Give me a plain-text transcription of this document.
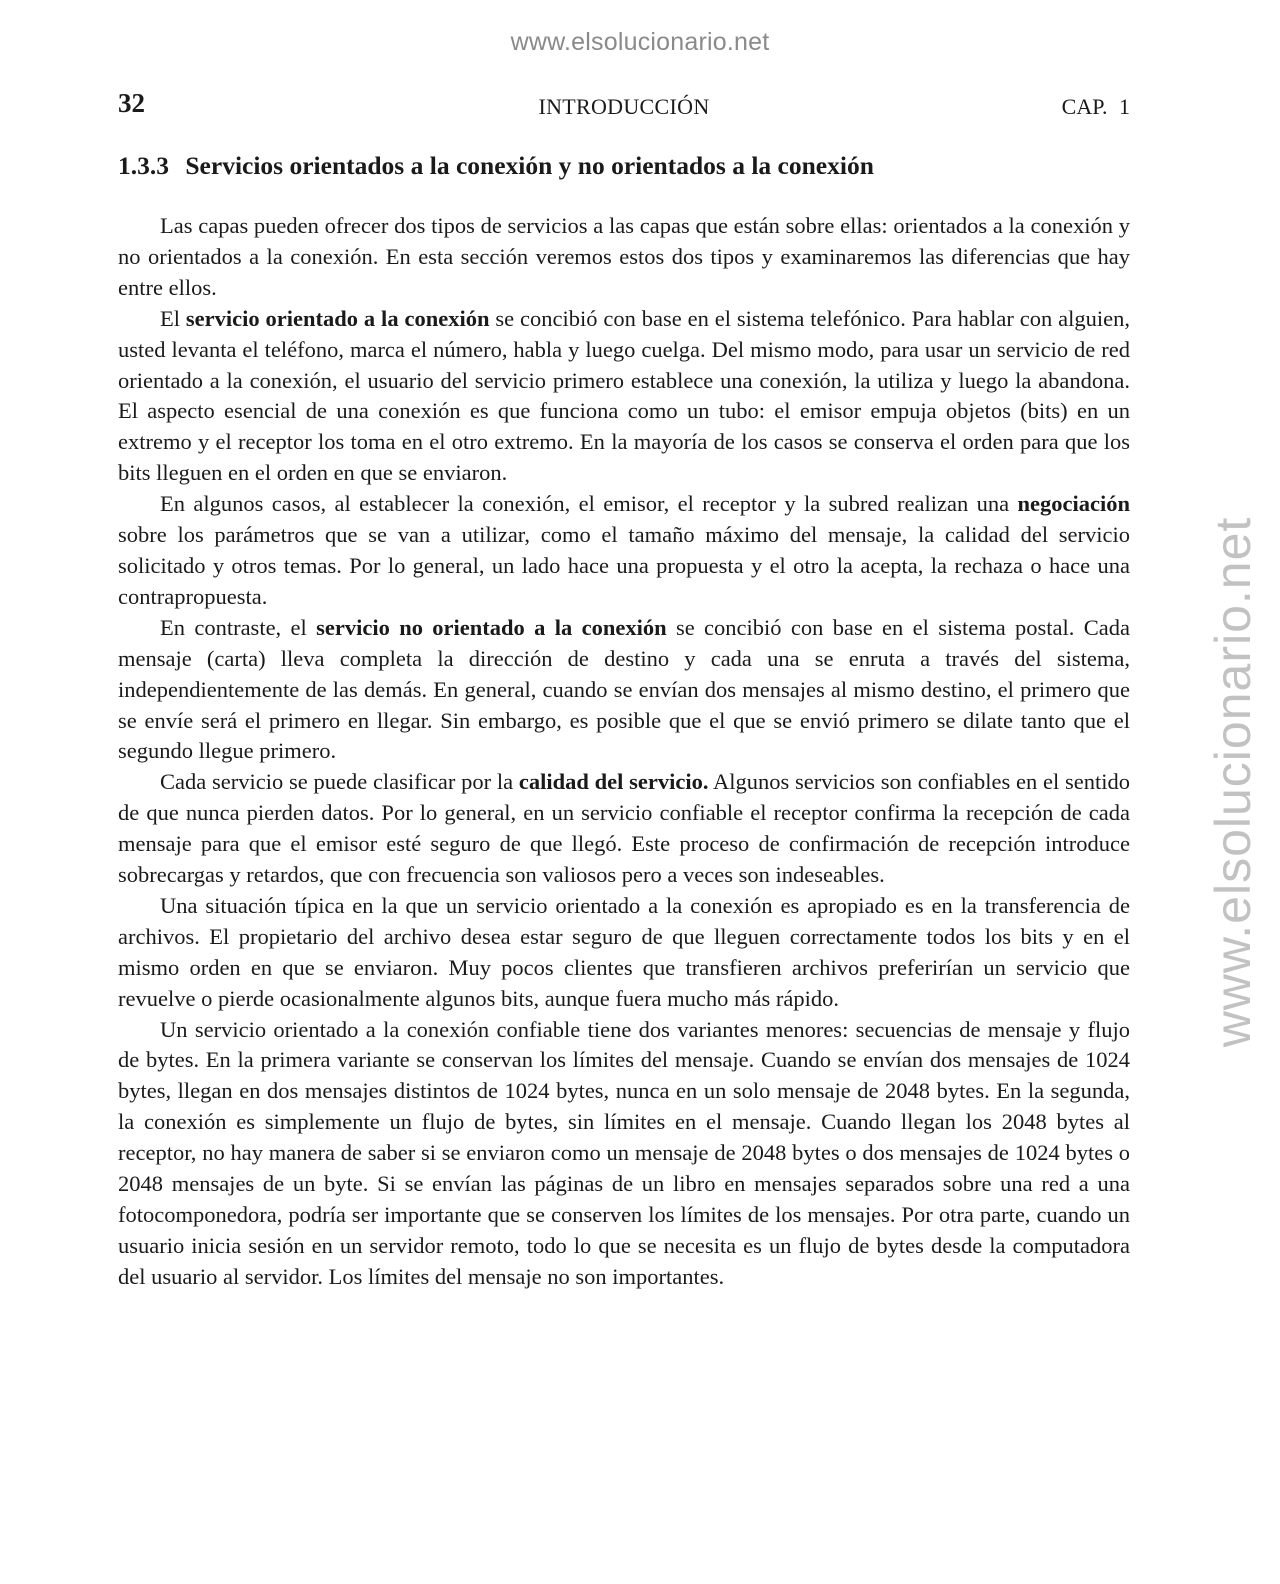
www.elsolucionario.net
www.elsolucionario.net
32	INTRODUCCIÓN	CAP. 1
1.3.3 Servicios orientados a la conexión y no orientados a la conexión

Las capas pueden ofrecer dos tipos de servicios a las capas que están sobre ellas: orientados a la conexión y no orientados a la conexión. En esta sección veremos estos dos tipos y examinaremos las diferencias que hay entre ellos.

El servicio orientado a la conexión se concibió con base en el sistema telefónico. Para hablar con alguien, usted levanta el teléfono, marca el número, habla y luego cuelga. Del mismo modo, para usar un servicio de red orientado a la conexión, el usuario del servicio primero establece una conexión, la utiliza y luego la abandona. El aspecto esencial de una conexión es que funciona como un tubo: el emisor empuja objetos (bits) en un extremo y el receptor los toma en el otro extremo. En la mayoría de los casos se conserva el orden para que los bits lleguen en el orden en que se enviaron.

En algunos casos, al establecer la conexión, el emisor, el receptor y la subred realizan una negociación sobre los parámetros que se van a utilizar, como el tamaño máximo del mensaje, la calidad del servicio solicitado y otros temas. Por lo general, un lado hace una propuesta y el otro la acepta, la rechaza o hace una contrapropuesta.

En contraste, el servicio no orientado a la conexión se concibió con base en el sistema postal. Cada mensaje (carta) lleva completa la dirección de destino y cada una se enruta a través del sistema, independientemente de las demás. En general, cuando se envían dos mensajes al mismo destino, el primero que se envíe será el primero en llegar. Sin embargo, es posible que el que se envió primero se dilate tanto que el segundo llegue primero.

Cada servicio se puede clasificar por la calidad del servicio. Algunos servicios son confiables en el sentido de que nunca pierden datos. Por lo general, en un servicio confiable el receptor confirma la recepción de cada mensaje para que el emisor esté seguro de que llegó. Este proceso de confirmación de recepción introduce sobrecargas y retardos, que con frecuencia son valiosos pero a veces son indeseables.

Una situación típica en la que un servicio orientado a la conexión es apropiado es en la transferencia de archivos. El propietario del archivo desea estar seguro de que lleguen correctamente todos los bits y en el mismo orden en que se enviaron. Muy pocos clientes que transfieren archivos preferirían un servicio que revuelve o pierde ocasionalmente algunos bits, aunque fuera mucho más rápido.

Un servicio orientado a la conexión confiable tiene dos variantes menores: secuencias de mensaje y flujo de bytes. En la primera variante se conservan los límites del mensaje. Cuando se envían dos mensajes de 1024 bytes, llegan en dos mensajes distintos de 1024 bytes, nunca en un solo mensaje de 2048 bytes. En la segunda, la conexión es simplemente un flujo de bytes, sin límites en el mensaje. Cuando llegan los 2048 bytes al receptor, no hay manera de saber si se enviaron como un mensaje de 2048 bytes o dos mensajes de 1024 bytes o 2048 mensajes de un byte. Si se envían las páginas de un libro en mensajes separados sobre una red a una fotocomponedora, podría ser importante que se conserven los límites de los mensajes. Por otra parte, cuando un usuario inicia sesión en un servidor remoto, todo lo que se necesita es un flujo de bytes desde la computadora del usuario al servidor. Los límites del mensaje no son importantes.
